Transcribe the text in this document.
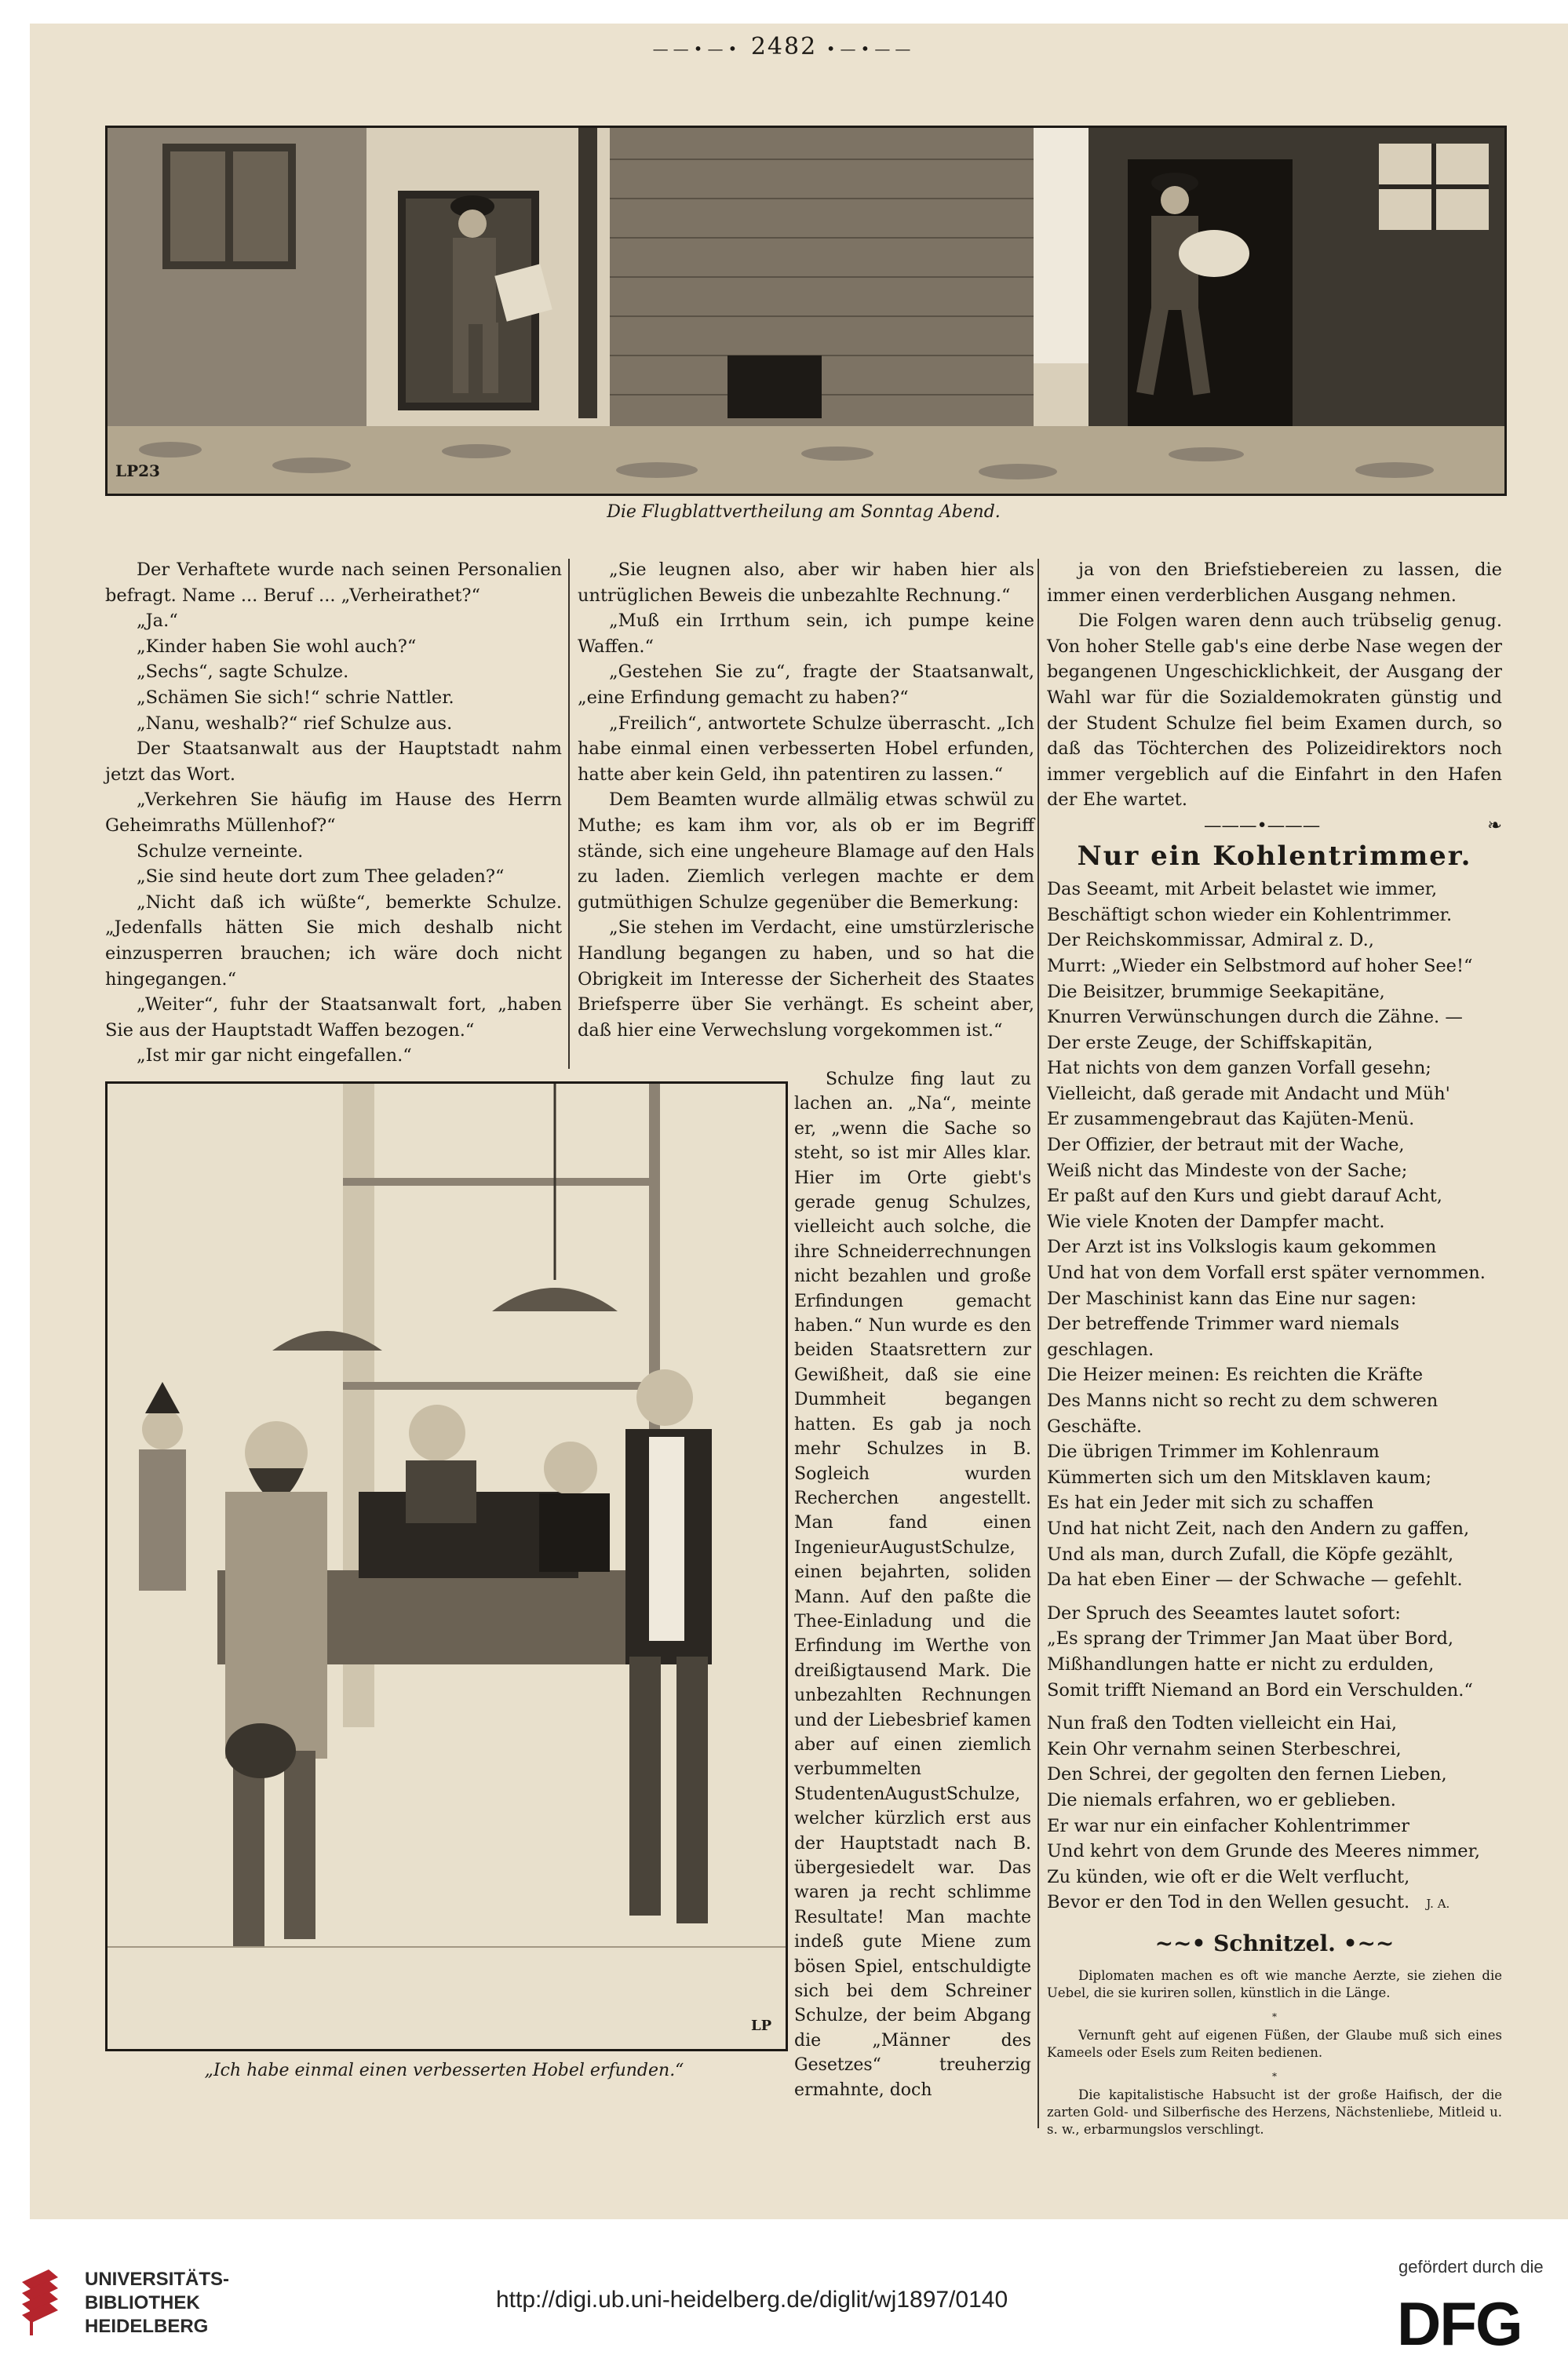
——•—• 2482 •—•——
LP23
Die Flugblattvertheilung am Sonntag Abend.

Der Verhaftete wurde nach seinen Personalien befragt. Name ... Beruf ... „Verheirathet?“

„Ja.“

„Kinder haben Sie wohl auch?“

„Sechs“, sagte Schulze.

„Schämen Sie sich!“ schrie Nattler.

„Nanu, weshalb?“ rief Schulze aus.

Der Staatsanwalt aus der Hauptstadt nahm jetzt das Wort.

„Verkehren Sie häufig im Hause des Herrn Geheimraths Müllenhof?“

Schulze verneinte.

„Sie sind heute dort zum Thee geladen?“

„Nicht daß ich wüßte“, bemerkte Schulze. „Jedenfalls hätten Sie mich deshalb nicht einzusperren brauchen; ich wäre doch nicht hingegangen.“

„Weiter“, fuhr der Staatsanwalt fort, „haben Sie aus der Hauptstadt Waffen bezogen.“

„Ist mir gar nicht eingefallen.“

„Sie leugnen also, aber wir haben hier als untrüglichen Beweis die unbezahlte Rechnung.“

„Muß ein Irrthum sein, ich pumpe keine Waffen.“

„Gestehen Sie zu“, fragte der Staatsanwalt, „eine Erfindung gemacht zu haben?“

„Freilich“, antwortete Schulze überrascht. „Ich habe einmal einen verbesserten Hobel erfunden, hatte aber kein Geld, ihn patentiren zu lassen.“

Dem Beamten wurde allmälig etwas schwül zu Muthe; es kam ihm vor, als ob er im Begriff stände, sich eine ungeheure Blamage auf den Hals zu laden. Ziemlich verlegen machte er dem gutmüthigen Schulze gegenüber die Bemerkung:

„Sie stehen im Verdacht, eine umstürzlerische Handlung begangen zu haben, und so hat die Obrigkeit im Interesse der Sicherheit des Staates Briefsperre über Sie verhängt. Es scheint aber, daß hier eine Verwechslung vorgekommen ist.“

LP
„Ich habe einmal einen verbesserten Hobel erfunden.“

Schulze fing laut zu lachen an. „Na“, meinte er, „wenn die Sache so steht, so ist mir Alles klar. Hier im Orte giebt's gerade genug Schulzes, vielleicht auch solche, die ihre Schneiderrechnungen nicht bezahlen und große Erfindungen gemacht haben.“ Nun wurde es den beiden Staatsrettern zur Gewißheit, daß sie eine Dummheit begangen hatten. Es gab ja noch mehr Schulzes in B. Sogleich wurden Recherchen angestellt. Man fand einen IngenieurAugustSchulze, einen bejahrten, soliden Mann. Auf den paßte die Thee-Einladung und die Erfindung im Werthe von dreißigtausend Mark. Die unbezahlten Rechnungen und der Liebesbrief kamen aber auf einen ziemlich verbummelten StudentenAugustSchulze, welcher kürzlich erst aus der Hauptstadt nach B. übergesiedelt war. Das waren ja recht schlimme Resultate! Man machte indeß gute Miene zum bösen Spiel, entschuldigte sich bei dem Schreiner Schulze, der beim Abgang die „Männer des Gesetzes“ treuherzig ermahnte, doch

ja von den Briefstiebereien zu lassen, die immer einen verderblichen Ausgang nehmen.

Die Folgen waren denn auch trübselig genug. Von hoher Stelle gab's eine derbe Nase wegen der begangenen Ungeschicklichkeit, der Ausgang der Wahl war für die Sozialdemokraten günstig und der Student Schulze fiel beim Examen durch, so daß das Töchterchen des Polizeidirektors noch immer vergeblich auf die Einfahrt in den Hafen der Ehe wartet.

———•———	❧
Nur ein Kohlentrimmer.
Das Seeamt, mit Arbeit belastet wie immer,
Beschäftigt schon wieder ein Kohlentrimmer.
Der Reichskommissar, Admiral z. D.,
Murrt: „Wieder ein Selbstmord auf hoher See!“
Die Beisitzer, brummige Seekapitäne,
Knurren Verwünschungen durch die Zähne. —
Der erste Zeuge, der Schiffskapitän,
Hat nichts von dem ganzen Vorfall gesehn;
Vielleicht, daß gerade mit Andacht und Müh'
Er zusammengebraut das Kajüten-Menü.
Der Offizier, der betraut mit der Wache,
Weiß nicht das Mindeste von der Sache;
Er paßt auf den Kurs und giebt darauf Acht,
Wie viele Knoten der Dampfer macht.
Der Arzt ist ins Volkslogis kaum gekommen
Und hat von dem Vorfall erst später vernommen.
Der Maschinist kann das Eine nur sagen:
Der betreffende Trimmer ward niemals geschlagen.
Die Heizer meinen: Es reichten die Kräfte
Des Manns nicht so recht zu dem schweren Geschäfte.
Die übrigen Trimmer im Kohlenraum
Kümmerten sich um den Mitsklaven kaum;
Es hat ein Jeder mit sich zu schaffen
Und hat nicht Zeit, nach den Andern zu gaffen,
Und als man, durch Zufall, die Köpfe gezählt,
Da hat eben Einer — der Schwache — gefehlt.
Der Spruch des Seeamtes lautet sofort:
„Es sprang der Trimmer Jan Maat über Bord,
Mißhandlungen hatte er nicht zu erdulden,
Somit trifft Niemand an Bord ein Verschulden.“
Nun fraß den Todten vielleicht ein Hai,
Kein Ohr vernahm seinen Sterbeschrei,
Den Schrei, der gegolten den fernen Lieben,
Die niemals erfahren, wo er geblieben.
Er war nur ein einfacher Kohlentrimmer
Und kehrt von dem Grunde des Meeres nimmer,
Zu künden, wie oft er die Welt verflucht,
Bevor er den Tod in den Wellen gesucht. J. A.
~~• Schnitzel. •~~

Diplomaten machen es oft wie manche Aerzte, sie ziehen die Uebel, die sie kuriren sollen, künstlich in die Länge.

*

Vernunft geht auf eigenen Füßen, der Glaube muß sich eines Kameels oder Esels zum Reiten bedienen.

*

Die kapitalistische Habsucht ist der große Haifisch, der die zarten Gold- und Silberfische des Herzens, Nächstenliebe, Mitleid u. s. w., erbarmungslos verschlingt.

UNIVERSITÄTS-
BIBLIOTHEK
HEIDELBERG
http://digi.ub.uni-heidelberg.de/diglit/wj1897/0140
gefördert durch die
DFG
